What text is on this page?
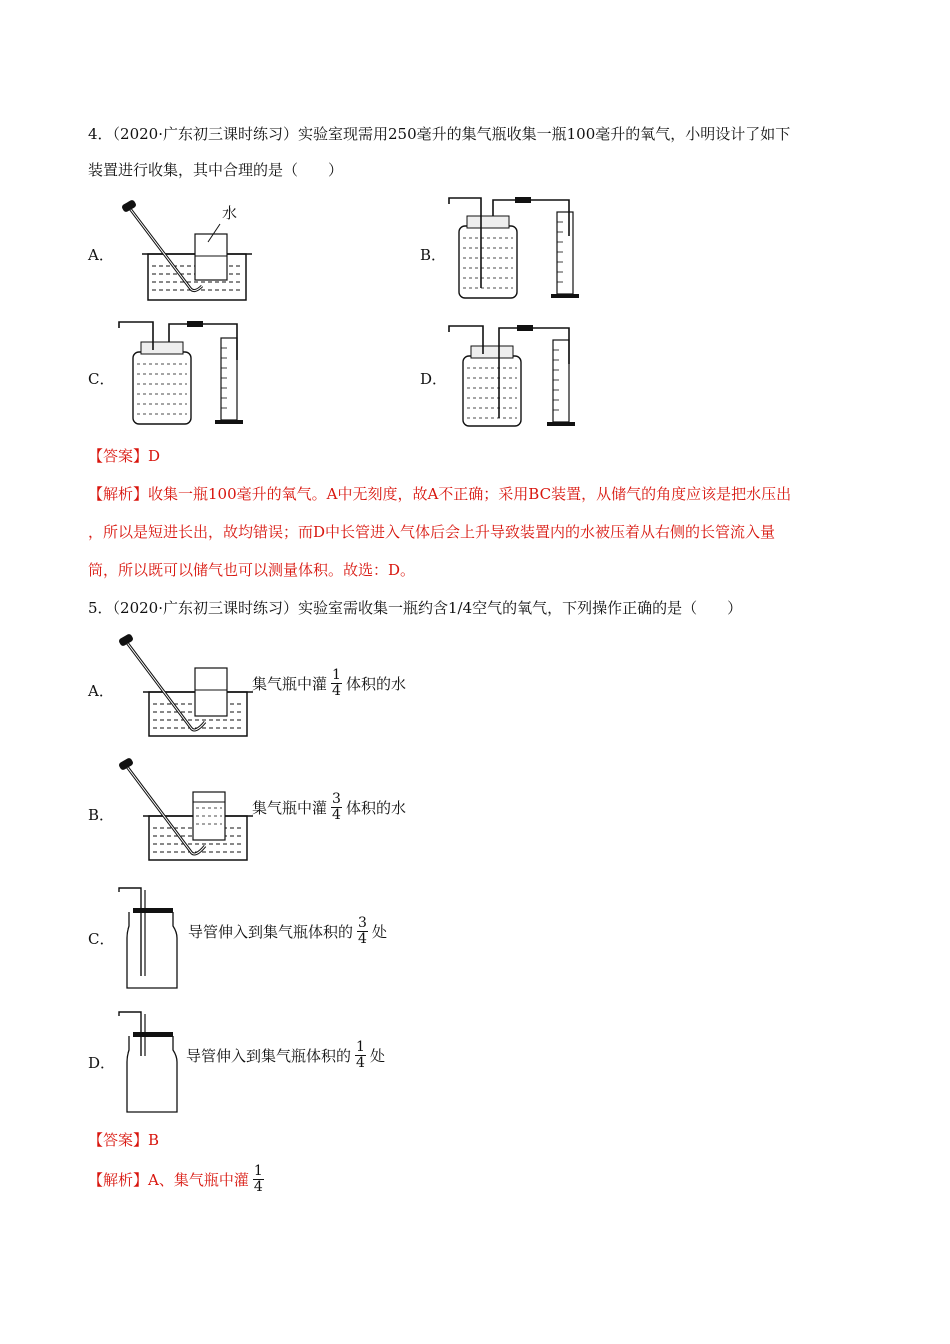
4．（2020·广东初三课时练习）实验室现需用250毫升的集气瓶收集一瓶100毫升的氧气，小明设计了如下
装置进行收集，其中合理的是（　　）
A．	B．
C．	D．
水
【答案】D
【解析】收集一瓶100毫升的氧气。A中无刻度，故A不正确；采用BC装置，从储气的角度应该是把水压出
，所以是短进长出，故均错误；而D中长管进入气体后会上升导致装置内的水被压着从右侧的长管流入量
筒，所以既可以储气也可以测量体积。故选：D。
5．（2020·广东初三课时练习）实验室需收集一瓶约含1/4空气的氧气，下列操作正确的是（　　）
A．
B．
C．
D．
集气瓶中灌 $\frac{1}{4}$ 体积的水
集气瓶中灌 $\frac{3}{4}$ 体积的水
导管伸入到集气瓶体积的 $\frac{3}{4}$ 处
导管伸入到集气瓶体积的 $\frac{1}{4}$ 处
【答案】B
【解析】A、集气瓶中灌 $\frac{1}{4}$
